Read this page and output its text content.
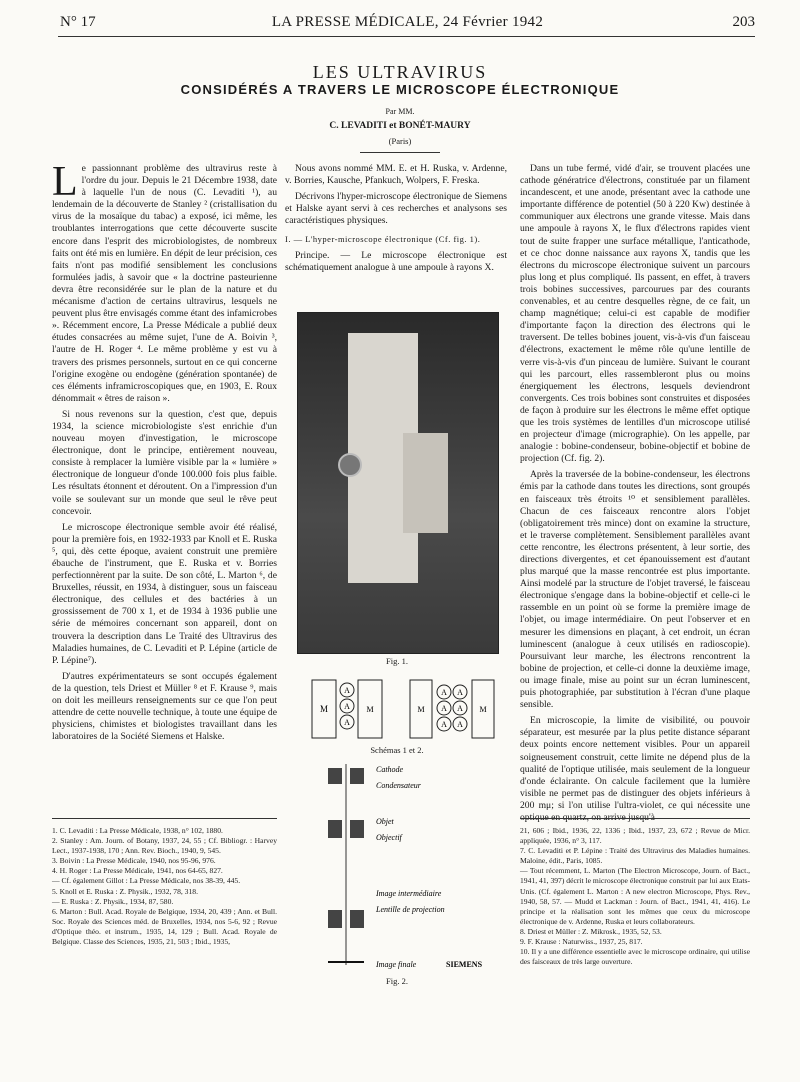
N° 17	LA PRESSE MÉDICALE, 24 Février 1942	203
LES ULTRAVIRUS
CONSIDÉRÉS A TRAVERS LE MICROSCOPE ÉLECTRONIQUE
Par MM.
C. LEVADITI et BONÉT-MAURY
(Paris)

Le passionnant problème des ultravirus reste à l'ordre du jour. Depuis le 21 Décembre 1938, date à laquelle l'un de nous (C. Levaditi ¹), au lendemain de la découverte de Stanley ² (cristallisation du virus de la mosaïque du tabac) a exposé, ici même, les troublantes interrogations que cette découverte suscite encore dans l'esprit des microbiologistes, de nombreux faits ont été mis en lumière. En dépit de leur précision, ces faits n'ont pas modifié sensiblement les conclusions formulées jadis, à savoir que « la doctrine pasteurienne devra être reconsidérée sur le plan de la nature et du mécanisme d'action de certains ultravirus, lesquels ne peuvent plus être envisagés comme étant des infamicrobes ». Récemment encore, La Presse Médicale a publié deux études consacrées au même sujet, l'une de A. Boivin ³, l'autre de H. Roger ⁴. Le même problème y est vu à travers des prismes personnels, surtout en ce qui concerne l'origine exogène ou endogène (génération spontanée) de ces éléments inframicroscopiques que, en 1903, E. Roux dénommait « êtres de raison ».

Si nous revenons sur la question, c'est que, depuis 1934, la science microbiologiste s'est enrichie d'un nouveau moyen d'investigation, le microscope électronique, dont le principe, entièrement nouveau, consiste à remplacer la lumière visible par la « lumière » électronique de longueur d'onde 100.000 fois plus faible. Les résultats étonnent et déroutent. On a l'impression d'un voile se soulevant sur un monde que seul le rêve peut concevoir.

Le microscope électronique semble avoir été réalisé, pour la première fois, en 1932-1933 par Knoll et E. Ruska ⁵, qui, dès cette époque, avaient construit une première ébauche de l'instrument, que E. Ruska et v. Borries perfectionnèrent par la suite. De son côté, L. Marton ⁶, de Bruxelles, réussit, en 1934, à distinguer, sous un faisceau électronique, des cellules et des bactéries à un grossissement de 700 x 1, et de 1934 à 1936 publie une série de mémoires concernant son appareil, dont on trouvera la description dans Le Traité des Ultravirus des Maladies humaines, de C. Levaditi et P. Lépine (article de P. Lépine⁷).

D'autres expérimentateurs se sont occupés également de la question, tels Driest et Müller ⁸ et F. Krause ⁹, mais on doit les meilleurs renseignements sur ce que l'on peut attendre de cette nouvelle technique, à toute une équipe de physiciens, chimistes et biologistes travaillant dans les laboratoires de la Société Siemens et Halske.

Nous avons nommé MM. E. et H. Ruska, v. Ardenne, v. Borries, Kausche, Pfankuch, Wolpers, F. Freska.

Décrivons l'hyper-microscope électronique de Siemens et Halske ayant servi à ces recherches et analysons ses caractéristiques physiques.

I. — L'hyper-microscope électronique (Cf. fig. 1).

Principe. — Le microscope électronique est schématiquement analogue à une ampoule à rayons X.

Fig. 1.
M	M
A
A
A
M	M
A A
A A
A A
Schémas 1 et 2.
Cathode
Condensateur
Objet
Objectif
Image intermédiaire
Lentille de projection
Image finale	SIEMENS
Fig. 2.

Dans un tube fermé, vidé d'air, se trouvent placées une cathode génératrice d'électrons, constituée par un filament incandescent, et une anode, présentant avec la cathode une importante différence de potentiel (50 à 220 Kw) destinée à communiquer aux électrons une grande vitesse. Mais dans une ampoule à rayons X, le flux d'électrons rapides vient tout de suite frapper une surface métallique, l'anticathode, et ce choc donne naissance aux rayons X, tandis que les électrons du microscope électronique suivent un parcours plus long et plus compliqué. Ils passent, en effet, à travers trois bobines successives, parcourues par des courants convenables, et au centre desquelles règne, de ce fait, un champ magnétique; celui-ci est capable de modifier d'importante façon la direction des électrons qui le traversent. De telles bobines jouent, vis-à-vis d'un faisceau d'électrons, exactement le même rôle qu'une lentille de verre vis-à-vis d'un pinceau de lumière. Suivant le courant qui les parcourt, elles rassembleront plus ou moins énergiquement les électrons, lesquels deviendront convergents. Ces trois bobines sont construites et disposées de façon à produire sur les électrons le même effet optique que les trois systèmes de lentilles d'un microscope utilisé en projecteur d'image (micrographie). On les appelle, par analogie : bobine-condenseur, bobine-objectif et bobine de projection (Cf. fig. 2).

Après la traversée de la bobine-condenseur, les électrons émis par la cathode dans toutes les directions, sont groupés en faisceaux très étroits ¹⁰ et sensiblement parallèles. Chacun de ces faisceaux rencontre alors l'objet (obligatoirement très mince) dont on examine la structure, et le traverse complètement. Sensiblement parallèles avant cette rencontre, les électrons présentent, à leur sortie, des directions divergentes, et cet épanouissement est d'autant plus marqué que la masse rencontrée est plus importante. Ainsi modelé par la structure de l'objet traversé, le faisceau électronique s'engage dans la bobine-objectif et celle-ci le rassemble en un point où se forme la première image de l'objet, ou image intermédiaire. On peut l'observer et en mesurer les dimensions en plaçant, à cet endroit, un écran luminescent (analogue à ceux utilisés en radioscopie). Poursuivant leur marche, les électrons rencontrent la bobine de projection, et celle-ci donne la deuxième image, ou image finale, mise au point sur un écran luminescent, puis photographiée, par substitution à l'écran d'une plaque sensible.

En microscopie, la limite de visibilité, ou pouvoir séparateur, est mesurée par la plus petite distance séparant deux points encore nettement visibles. Pour un appareil soigneusement construit, cette limite ne dépend plus de la qualité de l'optique utilisée, mais seulement de la longueur d'onde éclairante. On calcule facilement que la lumière visible ne permet pas de distinguer des objets inférieurs à 200 mμ; si l'on utilise l'ultra-violet, ce qui nécessite une optique en quartz, on arrive jusqu'à

1. C. Levaditi : La Presse Médicale, 1938, n° 102, 1880.

2. Stanley : Am. Journ. of Botany, 1937, 24, 55 ; Cf. Bibliogr. : Harvey Lect., 1937-1938, 170 ; Ann. Rev. Bioch., 1940, 9, 545.

3. Boivin : La Presse Médicale, 1940, nos 95-96, 976.

4. H. Roger : La Presse Médicale, 1941, nos 64-65, 827.

— Cf. également Gillot : La Presse Médicale, nos 38-39, 445.

5. Knoll et E. Ruska : Z. Physik., 1932, 78, 318.

— E. Ruska : Z. Physik., 1934, 87, 580.

6. Marton : Bull. Acad. Royale de Belgique, 1934, 20, 439 ; Ann. et Bull. Soc. Royale des Sciences méd. de Bruxelles, 1934, nos 5-6, 92 ; Revue d'Optique théo. et instrum., 1935, 14, 129 ; Bull. Acad. Royale de Belgique. Classe des Sciences, 1935, 21, 503 ; Ibid., 1935,

21, 606 ; Ibid., 1936, 22, 1336 ; Ibid., 1937, 23, 672 ; Revue de Micr. appliquée, 1936, n° 3, 117.

7. C. Levaditi et P. Lépine : Traité des Ultravirus des Maladies humaines. Maloine, édit., Paris, 1085.

— Tout récemment, L. Marton (The Electron Microscope, Journ. of Bact., 1941, 41, 397) décrit le microscope électronique construit par lui aux Etats-Unis. (Cf. également L. Marton : A new electron Microscope, Phys. Rev., 1940, 58, 57. — Mudd et Lackman : Journ. of Bact., 1941, 41, 416). Le principe et la réalisation sont les mêmes que ceux du microscope électronique de v. Ardenne, Ruska et leurs collaborateurs.

8. Driest et Müller : Z. Mikrosk., 1935, 52, 53.

9. F. Krause : Naturwiss., 1937, 25, 817.

10. Il y a une différence essentielle avec le microscope ordinaire, qui utilise des faisceaux de très large ouverture.
